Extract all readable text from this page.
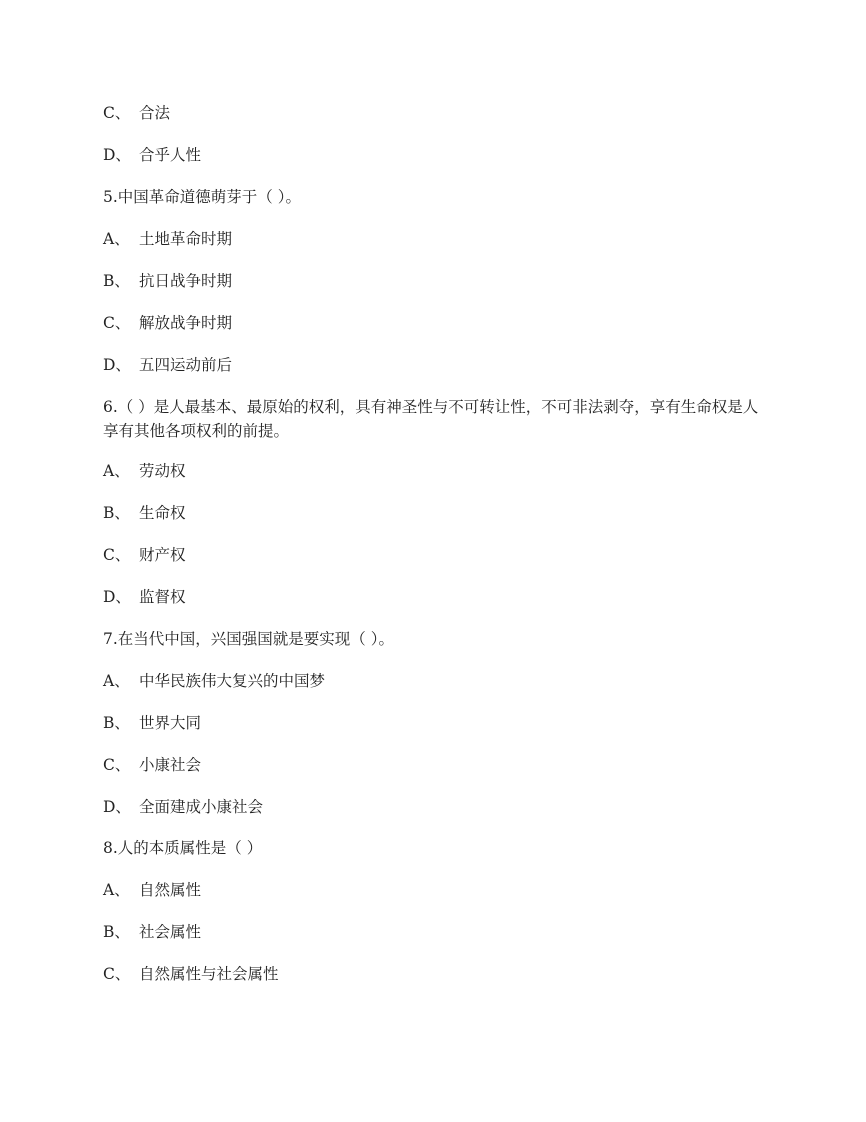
C、 合法
D、 合乎人性
5.中国革命道德萌芽于（ ）。
A、 土地革命时期
B、 抗日战争时期
C、 解放战争时期
D、 五四运动前后
6.（ ）是人最基本、最原始的权利，具有神圣性与不可转让性，不可非法剥夺，享有生命权是人享有其他各项权利的前提。
A、 劳动权
B、 生命权
C、 财产权
D、 监督权
7.在当代中国，兴国强国就是要实现（ ）。
A、 中华民族伟大复兴的中国梦
B、 世界大同
C、 小康社会
D、 全面建成小康社会
8.人的本质属性是（ ）
A、 自然属性
B、 社会属性
C、 自然属性与社会属性
